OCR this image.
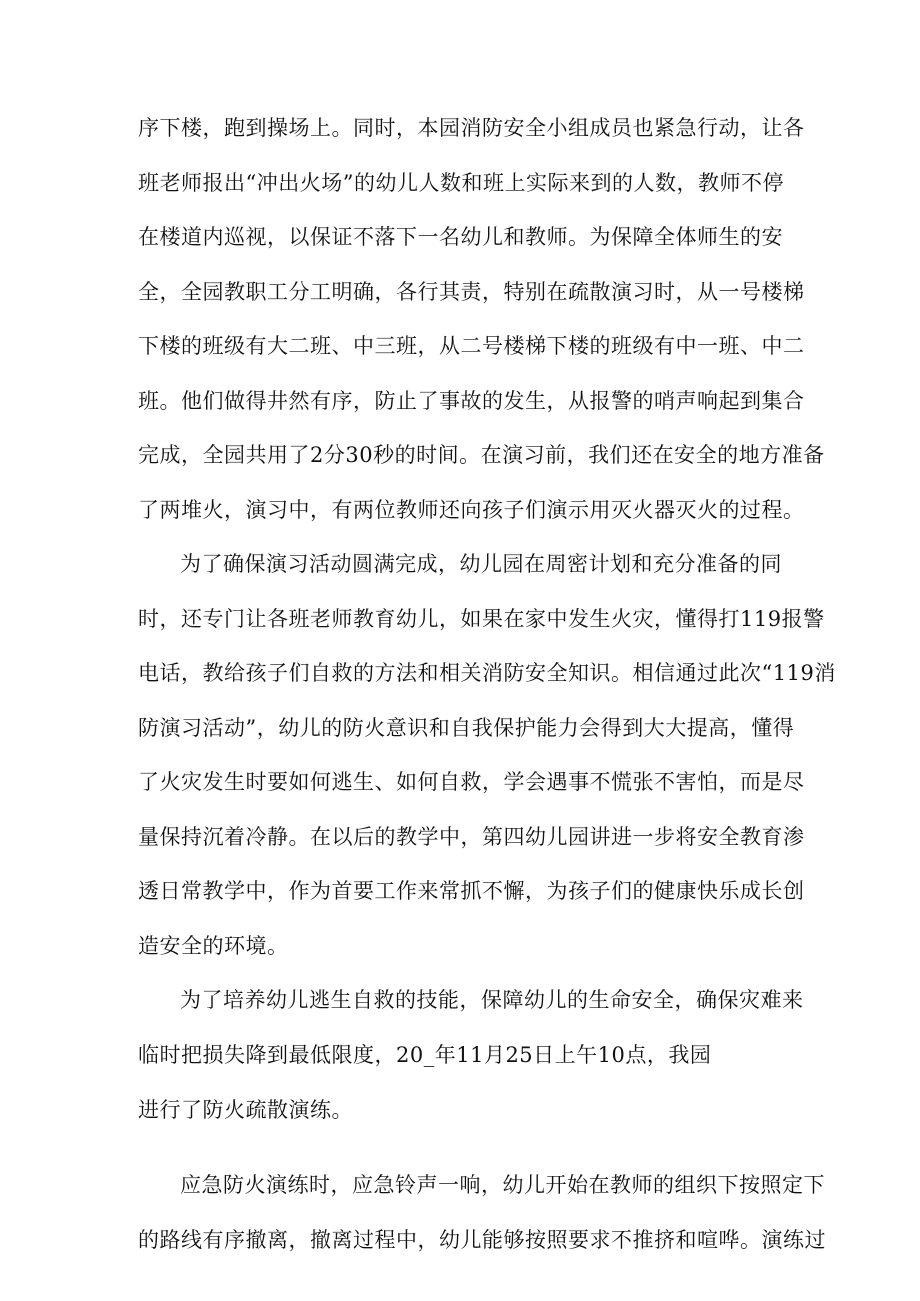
序下楼，跑到操场上。同时，本园消防安全小组成员也紧急行动，让各
班老师报出“冲出火场”的幼儿人数和班上实际来到的人数，教师不停
在楼道内巡视，以保证不落下一名幼儿和教师。为保障全体师生的安
全，全园教职工分工明确，各行其责，特别在疏散演习时，从一号楼梯
下楼的班级有大二班、中三班，从二号楼梯下楼的班级有中一班、中二
班。他们做得井然有序，防止了事故的发生，从报警的哨声响起到集合
完成，全园共用了2分30秒的时间。在演习前，我们还在安全的地方准备
了两堆火，演习中，有两位教师还向孩子们演示用灭火器灭火的过程。
为了确保演习活动圆满完成，幼儿园在周密计划和充分准备的同
时，还专门让各班老师教育幼儿，如果在家中发生火灾，懂得打119报警
电话，教给孩子们自救的方法和相关消防安全知识。相信通过此次“119消
防演习活动”，幼儿的防火意识和自我保护能力会得到大大提高，懂得
了火灾发生时要如何逃生、如何自救，学会遇事不慌张不害怕，而是尽
量保持沉着冷静。在以后的教学中，第四幼儿园讲进一步将安全教育渗
透日常教学中，作为首要工作来常抓不懈，为孩子们的健康快乐成长创
造安全的环境。
为了培养幼儿逃生自救的技能，保障幼儿的生命安全，确保灾难来
临时把损失降到最低限度，20_年11月25日上午10点，我园
进行了防火疏散演练。
应急防火演练时，应急铃声一响，幼儿开始在教师的组织下按照定下
的路线有序撤离，撤离过程中，幼儿能够按照要求不推挤和喧哗。演练过
